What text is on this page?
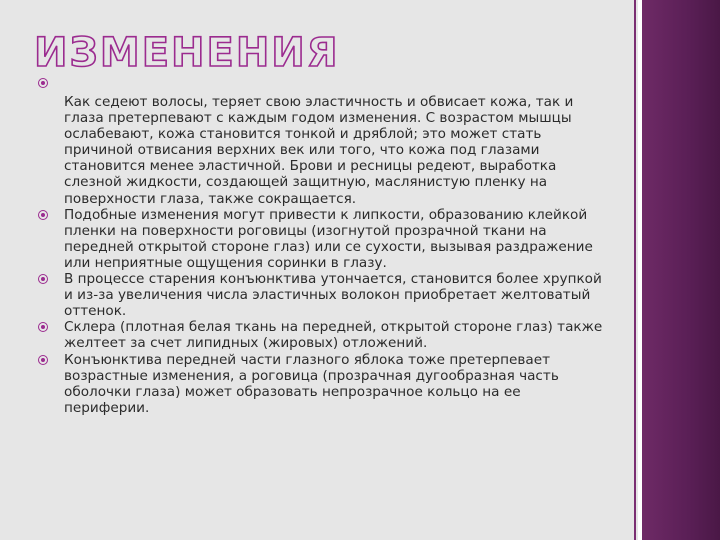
ИЗМЕНЕНИЯ
Как седеют волосы, теряет свою эластичность и обвисает кожа, так и глаза претерпевают с каждым годом изменения. С возрастом мышцы ослабевают, кожа становится тонкой и дряблой; это может стать причиной отвисания верхних век или того, что кожа под глазами становится менее эластичной. Брови и ресницы редеют, выработка слезной жидкости, создающей защитную, маслянистую пленку на поверхности глаза, также сокращается.
Подобные изменения могут привести к липкости, образованию клейкой пленки на поверхности роговицы (изогнутой прозрачной ткани на передней открытой стороне глаз) или се сухости, вызывая раздражение или неприятные ощущения соринки в глазу.
В процессе старения конъюнктива утончается, становится более хрупкой и из-за увеличения числа эластичных волокон приобретает желтоватый оттенок.
Склера (плотная белая ткань на передней, открытой стороне глаз) также желтеет за счет липидных (жировых) отложений.
Конъюнктива передней части глазного яблока тоже претерпевает возрастные изменения, а роговица (прозрачная дугообразная часть оболочки глаза) может образовать непрозрачное кольцо на ее периферии.
